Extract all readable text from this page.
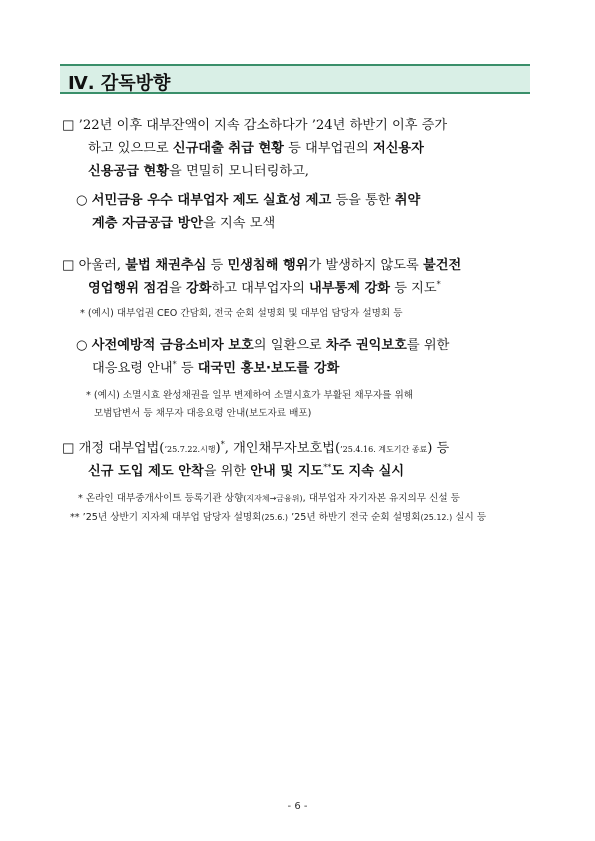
Ⅳ. 감독방향
□ ’22년 이후 대부잔액이 지속 감소하다가 ’24년 하반기 이후 증가
하고 있으므로 신규대출 취급 현황 등 대부업권의 저신용자
신용공급 현황을 면밀히 모니터링하고,
○ 서민금융 우수 대부업자 제도 실효성 제고 등을 통한 취약
계층 자금공급 방안을 지속 모색
□ 아울러, 불법 채권추심 등 민생침해 행위가 발생하지 않도록 불건전
영업행위 점검을 강화하고 대부업자의 내부통제 강화 등 지도*
* (예시) 대부업권 CEO 간담회, 전국 순회 설명회 및 대부업 담당자 설명회 등
○ 사전예방적 금융소비자 보호의 일환으로 차주 권익보호를 위한
대응요령 안내* 등 대국민 홍보·보도를 강화
* (예시) 소멸시효 완성채권을 일부 변제하여 소멸시효가 부활된 채무자를 위해
모범답변서 등 채무자 대응요령 안내(보도자료 배포)
□ 개정 대부업법(’25.7.22.시행)*, 개인채무자보호법(’25.4.16. 계도기간 종료) 등
신규 도입 제도 안착을 위한 안내 및 지도**도 지속 실시
* 온라인 대부중개사이트 등록기관 상향(지자체→금융위), 대부업자 자기자본 유지의무 신설 등
** ’25년 상반기 지자체 대부업 담당자 설명회(25.6.) ’25년 하반기 전국 순회 설명회(25.12.) 실시 등
- 6 -
